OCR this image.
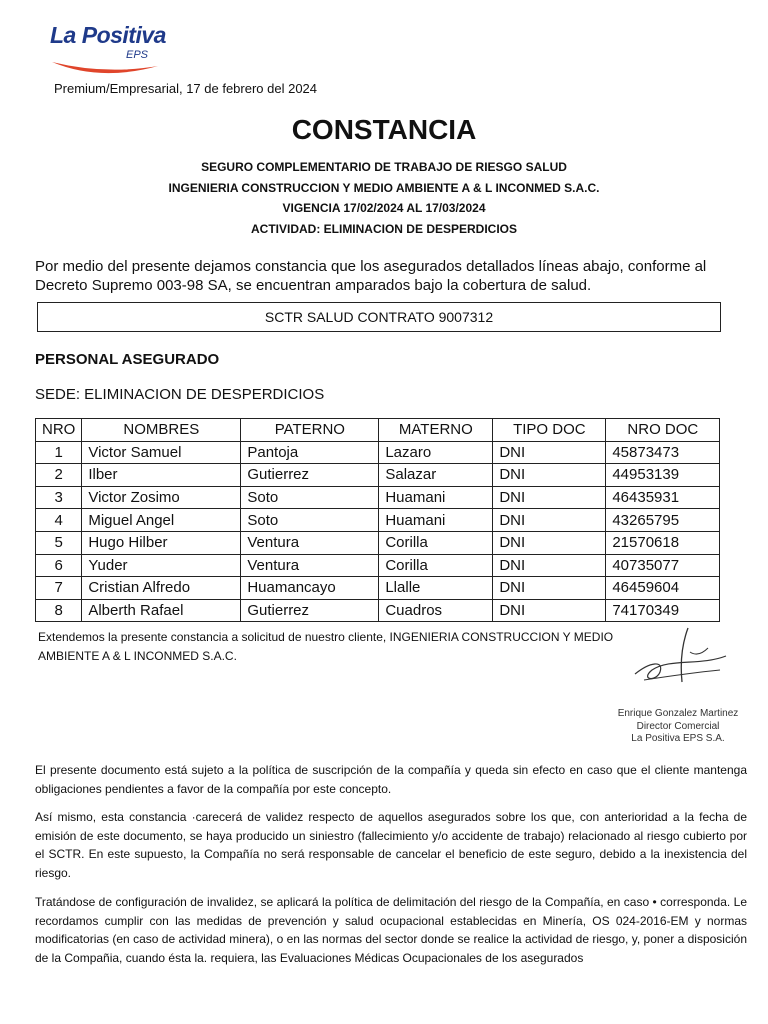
La Positiva
EPS
Premium/Empresarial, 17 de febrero del 2024
CONSTANCIA
SEGURO COMPLEMENTARIO DE TRABAJO DE RIESGO SALUD
INGENIERIA CONSTRUCCION Y MEDIO AMBIENTE A & L INCONMED S.A.C.
VIGENCIA 17/02/2024 AL 17/03/2024
ACTIVIDAD: ELIMINACION DE DESPERDICIOS
Por medio del presente dejamos constancia que los asegurados detallados líneas abajo, conforme al Decreto Supremo 003-98 SA, se encuentran amparados bajo la cobertura de salud.
SCTR SALUD CONTRATO 9007312
PERSONAL ASEGURADO
SEDE: ELIMINACION DE DESPERDICIOS
NRO	NOMBRES	PATERNO	MATERNO	TIPO DOC	NRO DOC
1	Victor Samuel	Pantoja	Lazaro	DNI	45873473
2	Ilber	Gutierrez	Salazar	DNI	44953139
3	Victor Zosimo	Soto	Huamani	DNI	46435931
4	Miguel Angel	Soto	Huamani	DNI	43265795
5	Hugo Hilber	Ventura	Corilla	DNI	21570618
6	Yuder	Ventura	Corilla	DNI	40735077
7	Cristian Alfredo	Huamancayo	Llalle	DNI	46459604
8	Alberth Rafael	Gutierrez	Cuadros	DNI	74170349
Extendemos la presente constancia a solicitud de nuestro cliente, INGENIERIA CONSTRUCCION Y MEDIO AMBIENTE A & L INCONMED S.A.C.
Enrique Gonzalez Martinez
Director Comercial
La Positiva EPS S.A.
El presente documento está sujeto a la política de suscripción de la compañía y queda sin efecto en caso que el cliente mantenga obligaciones pendientes a favor de la compañía por este concepto.
Así mismo, esta constancia ·carecerá de validez respecto de aquellos asegurados sobre los que, con anterioridad a la fecha de emisión de este documento, se haya producido un siniestro (fallecimiento y/o accidente de trabajo) relacionado al riesgo cubierto por el SCTR. En este supuesto, la Compañía no será responsable de cancelar el beneficio de este seguro, debido a la inexistencia del riesgo.
Tratándose de configuración de invalidez, se aplicará la política de delimitación del riesgo de la Compañía, en caso • corresponda. Le recordamos cumplir con las medidas de prevención y salud ocupacional establecidas en Minería, OS 024-2016-EM y normas modificatorias (en caso de actividad minera), o en las normas del sector donde se realice la actividad de riesgo, y, poner a disposición de la Compañia, cuando ésta la. requiera, las Evaluaciones Médicas Ocupacionales de los asegurados
